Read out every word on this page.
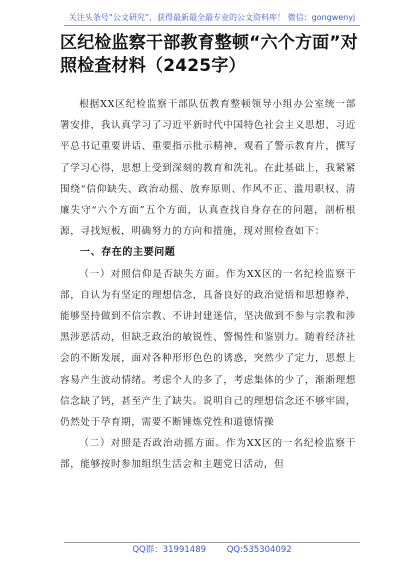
关注头条号“公文研究”，获得最新最全最专业的公文资料库！ 微信：gongwenyj
区纪检监察干部教育整顿“六个方面”对照检查材料（2425字）

根据XX区纪检监察干部队伍教育整顿领导小组办公室统一部署安排，我认真学习了习近平新时代中国特色社会主义思想、习近平总书记重要讲话、重要指示批示精神，观看了警示教育片，撰写了学习心得，思想上受到深刻的教育和洗礼。在此基础上，我紧紧围绕“信仰缺失、政治动摇、放弃原则、作风不正、滥用职权、清廉失守“六个方面”五个方面，认真查找自身存在的问题，剖析根源，寻找短板，明确努力的方向和措施，现对照检查如下：

一、存在的主要问题

（一）对照信仰是否缺失方面。作为XX区的一名纪检监察干部，自认为有坚定的理想信念，具备良好的政治觉悟和思想修养，能够坚持做到不信宗教、不讲封建迷信，坚决做到不参与宗教和涉黑涉恶活动，但缺乏政治的敏锐性、警惕性和鉴别力。随着经济社会的不断发展，面对各种形形色色的诱惑，突然少了定力，思想上容易产生波动情绪。考虑个人的多了，考虑集体的少了，渐渐理想信念缺了钙，甚至产生了缺失。说明自己的理想信念还不够牢固，仍然处于孕育期，需要不断锤炼党性和道德情操

（二）对照是否政治动摇方面。作为XX区的一名纪检监察干部，能够按时参加组织生活会和主题党日活动，但

QQ群：31991489 QQ:535304092
